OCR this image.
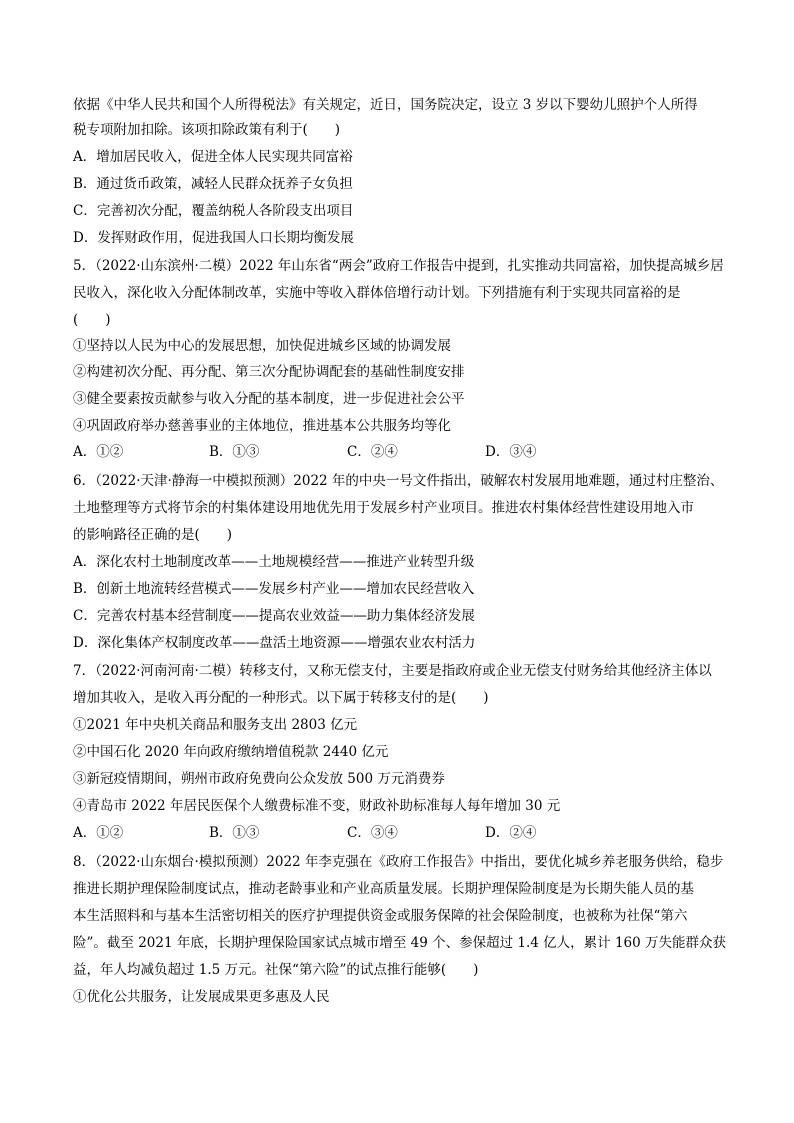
依据《中华人民共和国个人所得税法》有关规定，近日，国务院决定，设立 3 岁以下婴幼儿照护个人所得
税专项附加扣除。该项扣除政策有利于(　　)
A．增加居民收入，促进全体人民实现共同富裕
B．通过货币政策，减轻人民群众抚养子女负担
C．完善初次分配，覆盖纳税人各阶段支出项目
D．发挥财政作用，促进我国人口长期均衡发展
5．（2022·山东滨州·二模）2022 年山东省“两会”政府工作报告中提到，扎实推动共同富裕，加快提高城乡居
民收入，深化收入分配体制改革，实施中等收入群体倍增行动计划。下列措施有利于实现共同富裕的是
(　　)
①坚持以人民为中心的发展思想，加快促进城乡区域的协调发展
②构建初次分配、再分配、第三次分配协调配套的基础性制度安排
③健全要素按贡献参与收入分配的基本制度，进一步促进社会公平
④巩固政府举办慈善事业的主体地位，推进基本公共服务均等化
A．①②	B．①③	C．②④	D．③④
6．（2022·天津·静海一中模拟预测）2022 年的中央一号文件指出，破解农村发展用地难题，通过村庄整治、
土地整理等方式将节余的村集体建设用地优先用于发展乡村产业项目。推进农村集体经营性建设用地入市
的影响路径正确的是(　　)
A．深化农村土地制度改革——土地规模经营——推进产业转型升级
B．创新土地流转经营模式——发展乡村产业——增加农民经营收入
C．完善农村基本经营制度——提高农业效益——助力集体经济发展
D．深化集体产权制度改革——盘活土地资源——增强农业农村活力
7．（2022·河南河南·二模）转移支付，又称无偿支付，主要是指政府或企业无偿支付财务给其他经济主体以
增加其收入，是收入再分配的一种形式。以下属于转移支付的是(　　)
①2021 年中央机关商品和服务支出 2803 亿元
②中国石化 2020 年向政府缴纳增值税款 2440 亿元
③新冠疫情期间，朔州市政府免费向公众发放 500 万元消费券
④青岛市 2022 年居民医保个人缴费标准不变，财政补助标准每人每年增加 30 元
A．①②	B．①③	C．③④	D．②④
8．（2022·山东烟台·模拟预测）2022 年李克强在《政府工作报告》中指出，要优化城乡养老服务供给，稳步
推进长期护理保险制度试点，推动老龄事业和产业高质量发展。长期护理保险制度是为长期失能人员的基
本生活照料和与基本生活密切相关的医疗护理提供资金或服务保障的社会保险制度，也被称为社保“第六
险”。截至 2021 年底，长期护理保险国家试点城市增至 49 个、参保超过 1.4 亿人，累计 160 万失能群众获
益，年人均减负超过 1.5 万元。社保“第六险”的试点推行能够(　　)
①优化公共服务，让发展成果更多惠及人民
